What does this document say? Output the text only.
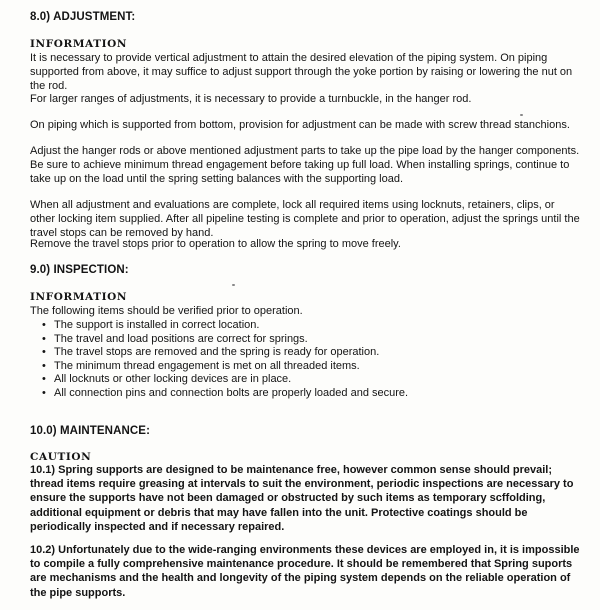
8.0) ADJUSTMENT:
INFORMATION

It is necessary to provide vertical adjustment to attain the desired elevation of the piping system. On piping supported from above, it may suffice to adjust support through the yoke portion by raising or lowering the nut on the rod.

For larger ranges of adjustments, it is necessary to provide a turnbuckle, in the hanger rod.

On piping which is supported from bottom, provision for adjustment can be made with screw thread stanchions.

Adjust the hanger rods or above mentioned adjustment parts to take up the pipe load by the hanger components. Be sure to achieve minimum thread engagement before taking up full load. When installing springs, continue to take up on the load until the spring setting balances with the supporting load.

When all adjustment and evaluations are complete, lock all required items using locknuts, retainers, clips, or other locking item supplied. After all pipeline testing is complete and prior to operation, adjust the springs until the travel stops can be removed by hand.

Remove the travel stops prior to operation to allow the spring to move freely.

9.0) INSPECTION:
INFORMATION

The following items should be verified prior to operation.

• The support is installed in correct location.
• The travel and load positions are correct for springs.
• The travel stops are removed and the spring is ready for operation.
• The minimum thread engagement is met on all threaded items.
• All locknuts or other locking devices are in place.
• All connection pins and connection bolts are properly loaded and secure.
10.0) MAINTENANCE:
CAUTION

10.1) Spring supports are designed to be maintenance free, however common sense should prevail; thread items require greasing at intervals to suit the environment, periodic inspections are necessary to ensure the supports have not been damaged or obstructed by such items as temporary scffolding, additional equipment or debris that may have fallen into the unit. Protective coatings should be periodically inspected and if necessary repaired.

10.2) Unfortunately due to the wide-ranging environments these devices are employed in, it is impossible to compile a fully comprehensive maintenance procedure. It should be remembered that Spring suports are mechanisms and the health and longevity of the piping system depends on the reliable operation of the pipe supports.
